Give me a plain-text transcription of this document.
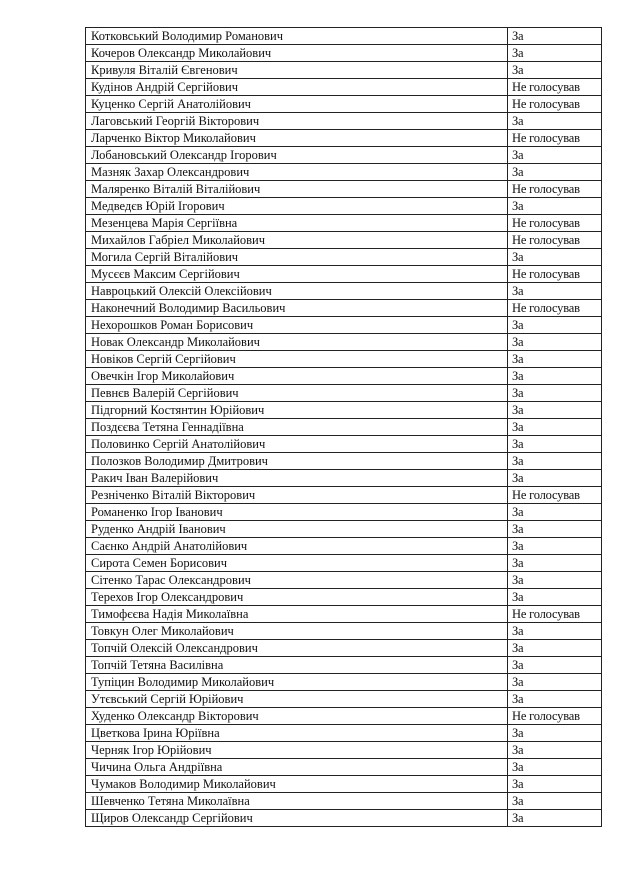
Котковський Володимир Романович	За
Кочеров Олександр Миколайович	За
Кривуля Віталій Євгенович	За
Кудінов Андрій Сергійович	Не голосував
Куценко Сергій Анатолійович	Не голосував
Лаговський Георгій Вікторович	За
Ларченко Віктор Миколайович	Не голосував
Лобановський Олександр Ігорович	За
Мазняк Захар Олександрович	За
Маляренко Віталій Віталійович	Не голосував
Медведєв Юрій Ігорович	За
Мезенцева Марія Сергіївна	Не голосував
Михайлов Габріел Миколайович	Не голосував
Могила Сергій Віталійович	За
Мусєєв Максим Сергійович	Не голосував
Навроцький Олексій Олексійович	За
Наконечний Володимир Васильович	Не голосував
Нехорошков Роман Борисович	За
Новак Олександр Миколайович	За
Новіков Сергій Сергійович	За
Овечкін Ігор Миколайович	За
Певнєв Валерій Сергійович	За
Підгорний Костянтин Юрійович	За
Поздєєва Тетяна Геннадіївна	За
Половинко Сергій Анатолійович	За
Полозков Володимир Дмитрович	За
Ракич Іван Валерійович	За
Резніченко Віталій Вікторович	Не голосував
Романенко Ігор Іванович	За
Руденко Андрій Іванович	За
Саєнко Андрій Анатолійович	За
Сирота Семен Борисович	За
Сітенко Тарас Олександрович	За
Терехов Ігор Олександрович	За
Тимофєєва Надія Миколаївна	Не голосував
Товкун Олег Миколайович	За
Топчій Олексій Олександрович	За
Топчій Тетяна Василівна	За
Тупіцин Володимир Миколайович	За
Утєвський Сергій Юрійович	За
Худенко Олександр Вікторович	Не голосував
Цветкова Ірина Юріївна	За
Черняк Ігор Юрійович	За
Чичина Ольга Андріївна	За
Чумаков Володимир Миколайович	За
Шевченко Тетяна Миколаївна	За
Щиров Олександр Сергійович	За
